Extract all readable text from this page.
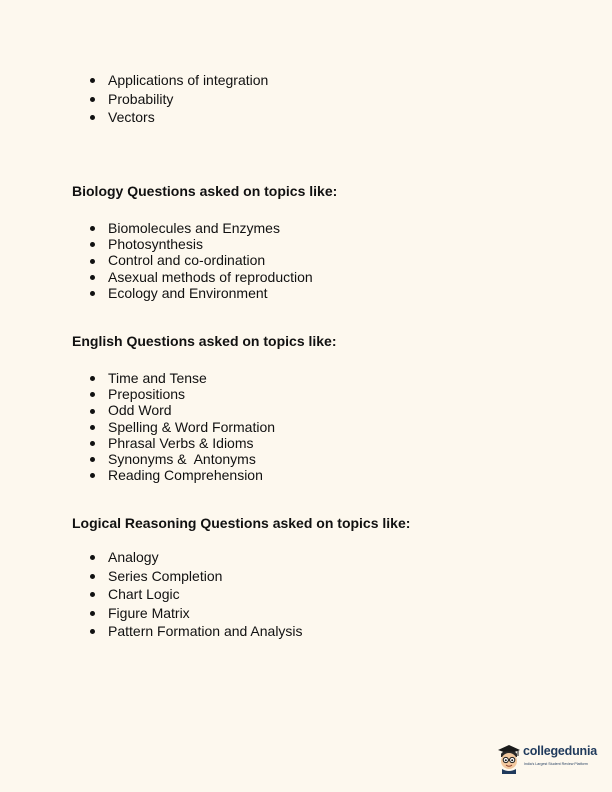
Applications of integration
Probability
Vectors
Biology Questions asked on topics like:
Biomolecules and Enzymes
Photosynthesis
Control and co-ordination
Asexual methods of reproduction
Ecology and Environment
English Questions asked on topics like:
Time and Tense
Prepositions
Odd Word
Spelling & Word Formation
Phrasal Verbs & Idioms
Synonyms &  Antonyms
Reading Comprehension
Logical Reasoning Questions asked on topics like:
Analogy
Series Completion
Chart Logic
Figure Matrix
Pattern Formation and Analysis
collegedunia
India's Largest Student Review Platform
